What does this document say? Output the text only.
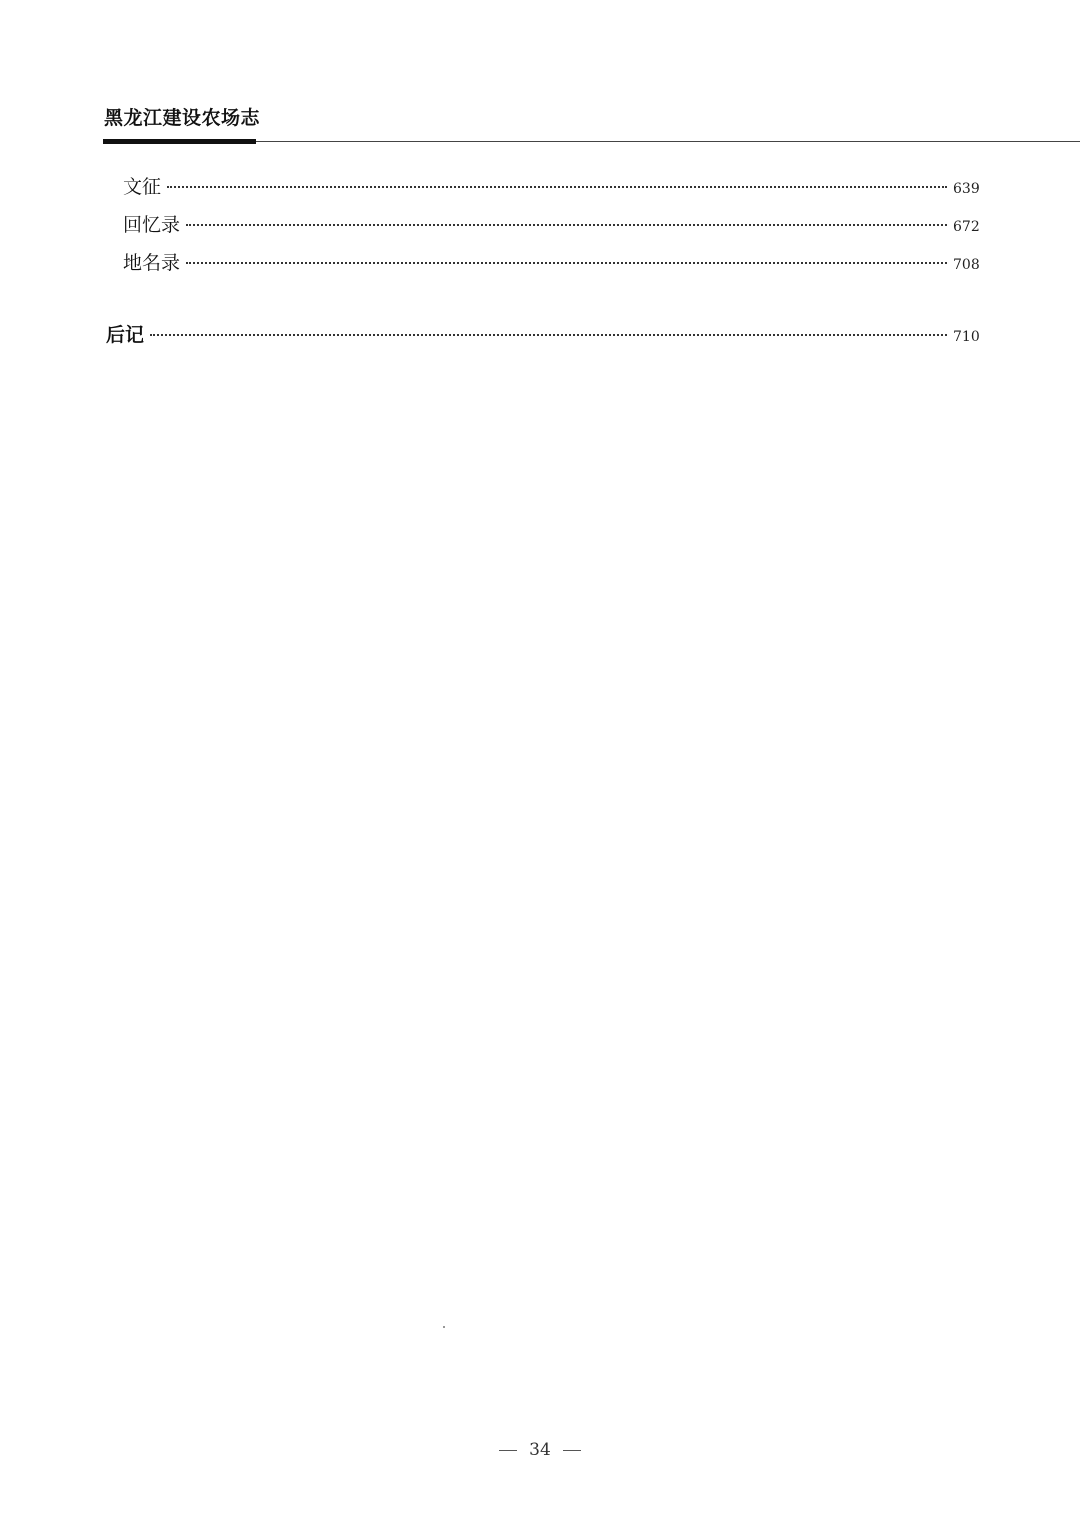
黑龙江建设农场志
文征	639
回忆录	672
地名录	708
后记	710
34
